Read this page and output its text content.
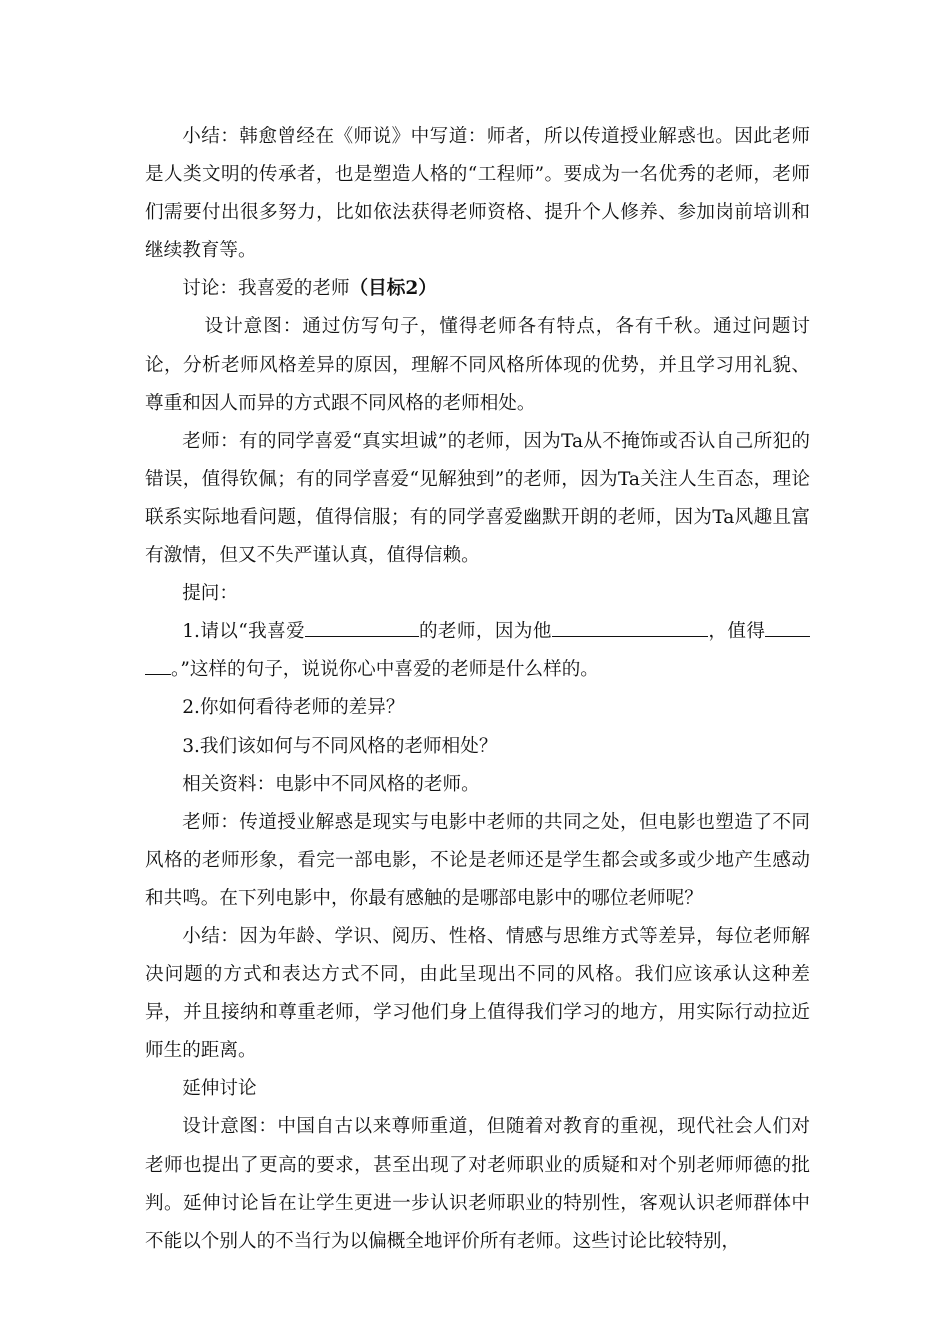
小结：韩愈曾经在《师说》中写道：师者，所以传道授业解惑也。因此老师是人类文明的传承者，也是塑造人格的“工程师”。要成为一名优秀的老师，老师们需要付出很多努力，比如依法获得老师资格、提升个人修养、参加岗前培训和继续教育等。

讨论：我喜爱的老师（目标2）

设计意图：通过仿写句子，懂得老师各有特点，各有千秋。通过问题讨论，分析老师风格差异的原因，理解不同风格所体现的优势，并且学习用礼貌、尊重和因人而异的方式跟不同风格的老师相处。

老师：有的同学喜爱“真实坦诚”的老师，因为Ta从不掩饰或否认自己所犯的错误，值得钦佩；有的同学喜爱“见解独到”的老师，因为Ta关注人生百态，理论联系实际地看问题，值得信服；有的同学喜爱幽默开朗的老师，因为Ta风趣且富有激情，但又不失严谨认真，值得信赖。

提问：

1.请以“我喜爱	的老师，因为他	，值得。”这样的句子，说说你心中喜爱的老师是什么样的。

2.你如何看待老师的差异？

3.我们该如何与不同风格的老师相处？

相关资料：电影中不同风格的老师。

老师：传道授业解惑是现实与电影中老师的共同之处，但电影也塑造了不同风格的老师形象，看完一部电影，不论是老师还是学生都会或多或少地产生感动和共鸣。在下列电影中，你最有感触的是哪部电影中的哪位老师呢？

小结：因为年龄、学识、阅历、性格、情感与思维方式等差异，每位老师解决问题的方式和表达方式不同，由此呈现出不同的风格。我们应该承认这种差异，并且接纳和尊重老师，学习他们身上值得我们学习的地方，用实际行动拉近师生的距离。

延伸讨论

设计意图：中国自古以来尊师重道，但随着对教育的重视，现代社会人们对老师也提出了更高的要求，甚至出现了对老师职业的质疑和对个别老师师德的批判。延伸讨论旨在让学生更进一步认识老师职业的特别性，客观认识老师群体中不能以个别人的不当行为以偏概全地评价所有老师。这些讨论比较特别，
